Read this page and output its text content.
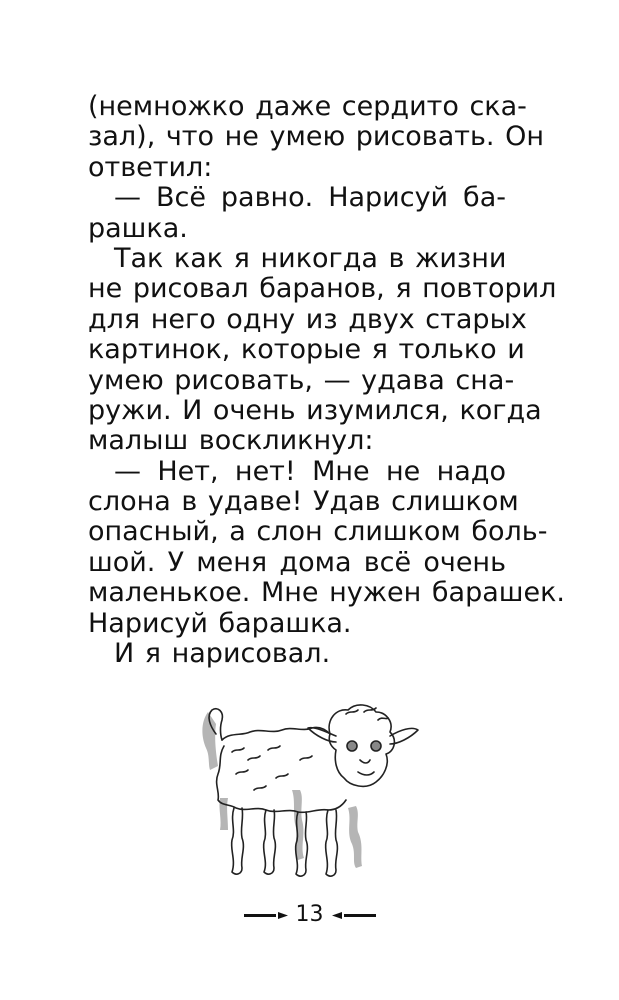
(немножко даже сердито ска-
зал), что не умею рисовать. Он
ответил:

— Всё равно. Нарисуй ба-
рашка.

Так как я никогда в жизни
не рисовал баранов, я повторил
для него одну из двух старых
картинок, которые я только и
умею рисовать, — удава сна-
ружи. И очень изумился, когда
малыш воскликнул:

— Нет, нет! Мне не надо
слона в удаве! Удав слишком
опасный, а слон слишком боль-
шой. У меня дома всё очень
маленькое. Мне нужен барашек.
Нарисуй барашка.

И я нарисовал.

13
